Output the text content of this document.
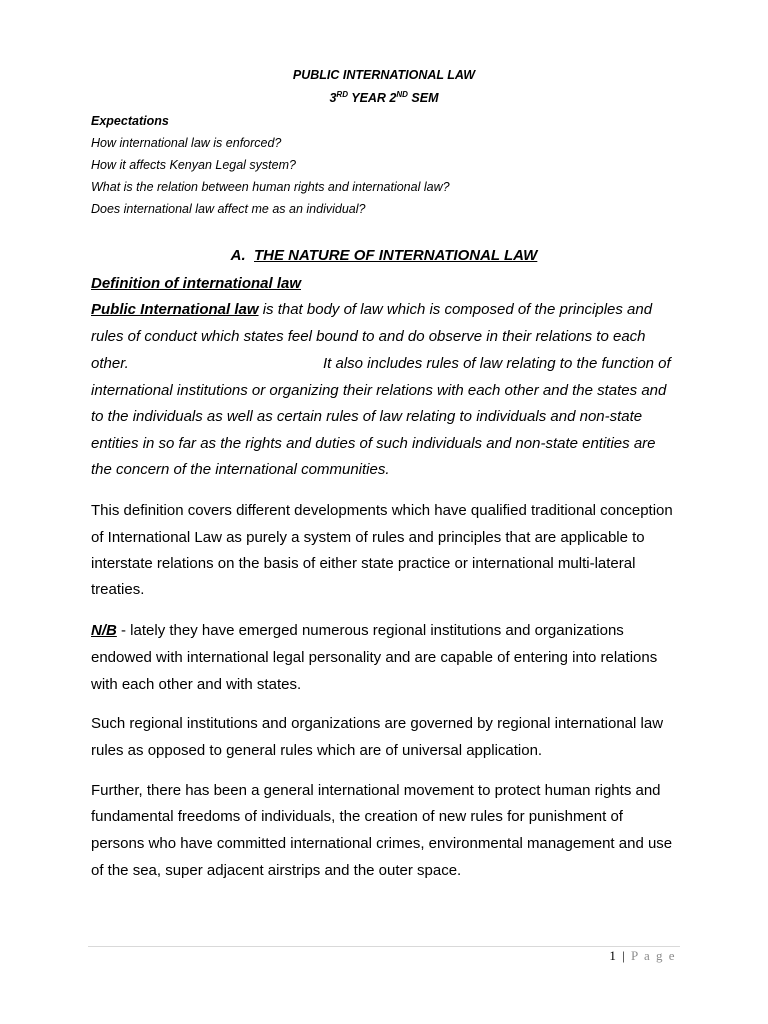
PUBLIC INTERNATIONAL LAW
3RD YEAR 2ND SEM
Expectations
How international law is enforced?
How it affects Kenyan Legal system?
What is the relation between human rights and international law?
Does international law affect me as an individual?
A. THE NATURE OF INTERNATIONAL LAW
Definition of international law
Public International law is that body of law which is composed of the principles and
rules of conduct which states feel bound to and do observe in their relations to each
other.	It also includes rules of law relating to the function of
international institutions or organizing their relations with each other and the states and
to the individuals as well as certain rules of law relating to individuals and non-state
entities in so far as the rights and duties of such individuals and non-state entities are
the concern of the international communities.
This definition covers different developments which have qualified traditional conception
of International Law as purely a system of rules and principles that are applicable to
interstate relations on the basis of either state practice or international multi-lateral
treaties.
N/B - lately they have emerged numerous regional institutions and organizations
endowed with international legal personality and are capable of entering into relations
with each other and with states.
Such regional institutions and organizations are governed by regional international law
rules as opposed to general rules which are of universal application.
Further, there has been a general international movement to protect human rights and
fundamental freedoms of individuals, the creation of new rules for punishment of
persons who have committed international crimes, environmental management and use
of the sea, super adjacent airstrips and the outer space.
1 | P a g e
